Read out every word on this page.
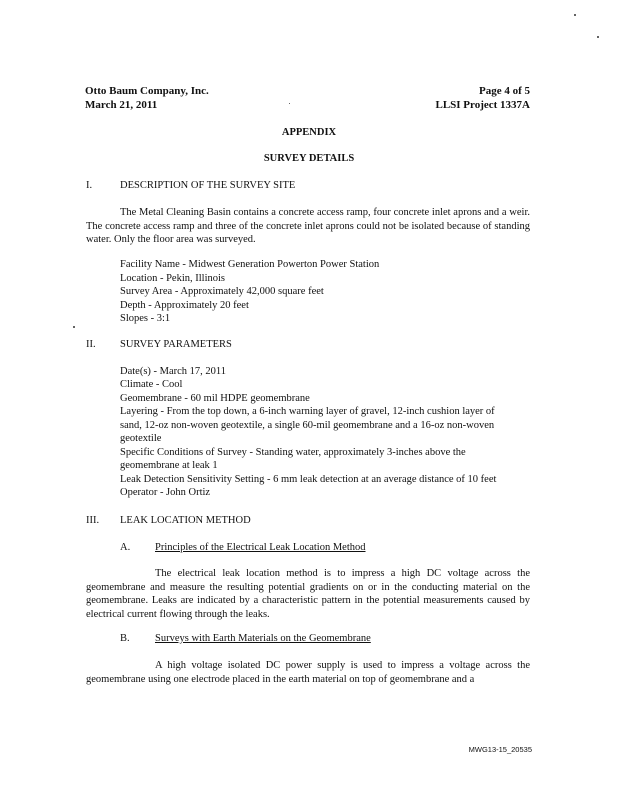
Otto Baum Company, Inc.
March 21, 2011
Page 4 of 5
LLSI Project 1337A
APPENDIX
SURVEY DETAILS
I.	DESCRIPTION OF THE SURVEY SITE
The Metal Cleaning Basin contains a concrete access ramp, four concrete inlet aprons and a weir. The concrete access ramp and three of the concrete inlet aprons could not be isolated because of standing water. Only the floor area was surveyed.
Facility Name - Midwest Generation Powerton Power Station
Location - Pekin, Illinois
Survey Area - Approximately 42,000 square feet
Depth - Approximately 20 feet
Slopes - 3:1
II. SURVEY PARAMETERS
Date(s) - March 17, 2011
Climate - Cool
Geomembrane - 60 mil HDPE geomembrane
Layering - From the top down, a 6-inch warning layer of gravel, 12-inch cushion layer of
sand, 12-oz non-woven geotextile, a single 60-mil geomembrane and a 16-oz non-woven
geotextile
Specific Conditions of Survey - Standing water, approximately 3-inches above the
geomembrane at leak 1
Leak Detection Sensitivity Setting - 6 mm leak detection at an average distance of 10 feet
Operator - John Ortiz
III. LEAK LOCATION METHOD
A. Principles of the Electrical Leak Location Method
The electrical leak location method is to impress a high DC voltage across the geomembrane and measure the resulting potential gradients on or in the conducting material on the geomembrane. Leaks are indicated by a characteristic pattern in the potential measurements caused by electrical current flowing through the leaks.
B. Surveys with Earth Materials on the Geomembrane
A high voltage isolated DC power supply is used to impress a voltage across the geomembrane using one electrode placed in the earth material on top of geomembrane and a
MWG13-15_20535
